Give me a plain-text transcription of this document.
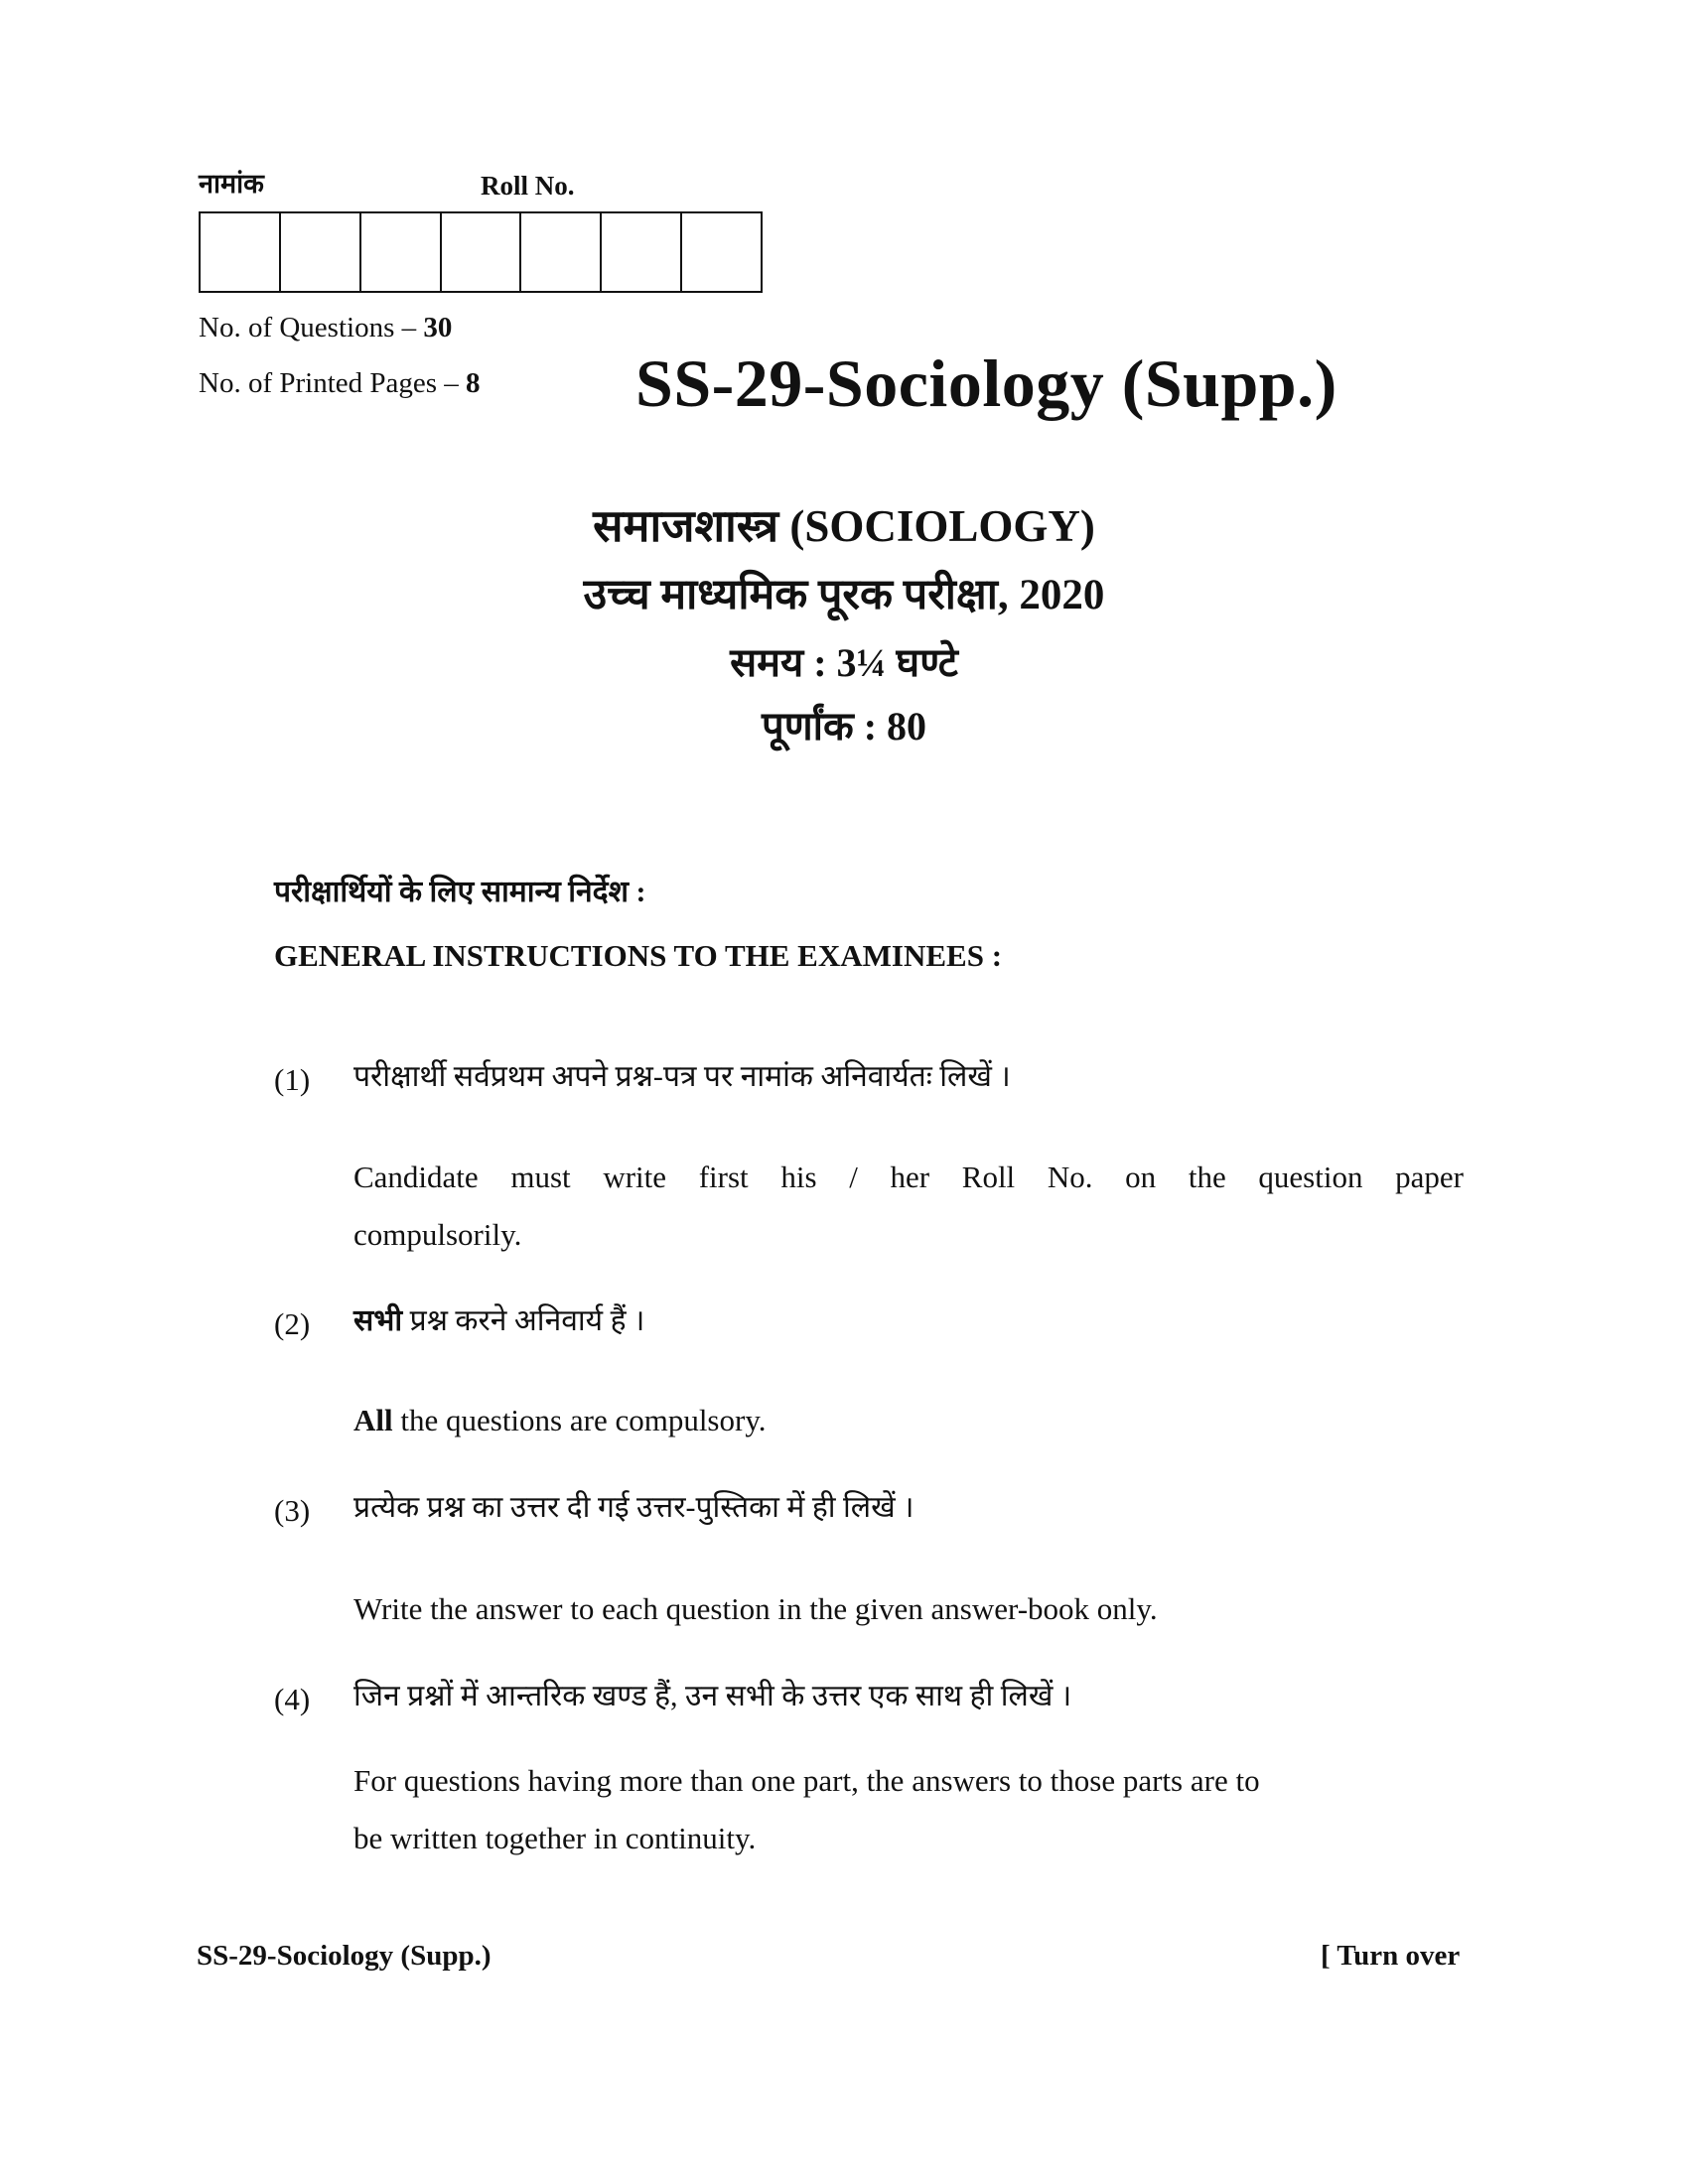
नामांक	Roll No.
No. of Questions – 30
No. of Printed Pages – 8 SS-29-Sociology (Supp.)
समाजशास्त्र (SOCIOLOGY)
उच्च माध्यमिक पूरक परीक्षा, 2020
समय : 3¼ घण्टे
पूर्णांक : 80
परीक्षार्थियों के लिए सामान्य निर्देश :
GENERAL INSTRUCTIONS TO THE EXAMINEES :
(1) परीक्षार्थी सर्वप्रथम अपने प्रश्न-पत्र पर नामांक अनिवार्यतः लिखें ।
Candidate must write first his / her Roll No. on the question paper
compulsorily.
(2) सभी प्रश्न करने अनिवार्य हैं ।
All the questions are compulsory.
(3) प्रत्येक प्रश्न का उत्तर दी गई उत्तर-पुस्तिका में ही लिखें ।
Write the answer to each question in the given answer-book only.
(4) जिन प्रश्नों में आन्तरिक खण्ड हैं, उन सभी के उत्तर एक साथ ही लिखें ।
For questions having more than one part, the answers to those parts are to
be written together in continuity.
SS-29-Sociology (Supp.)	[ Turn over
